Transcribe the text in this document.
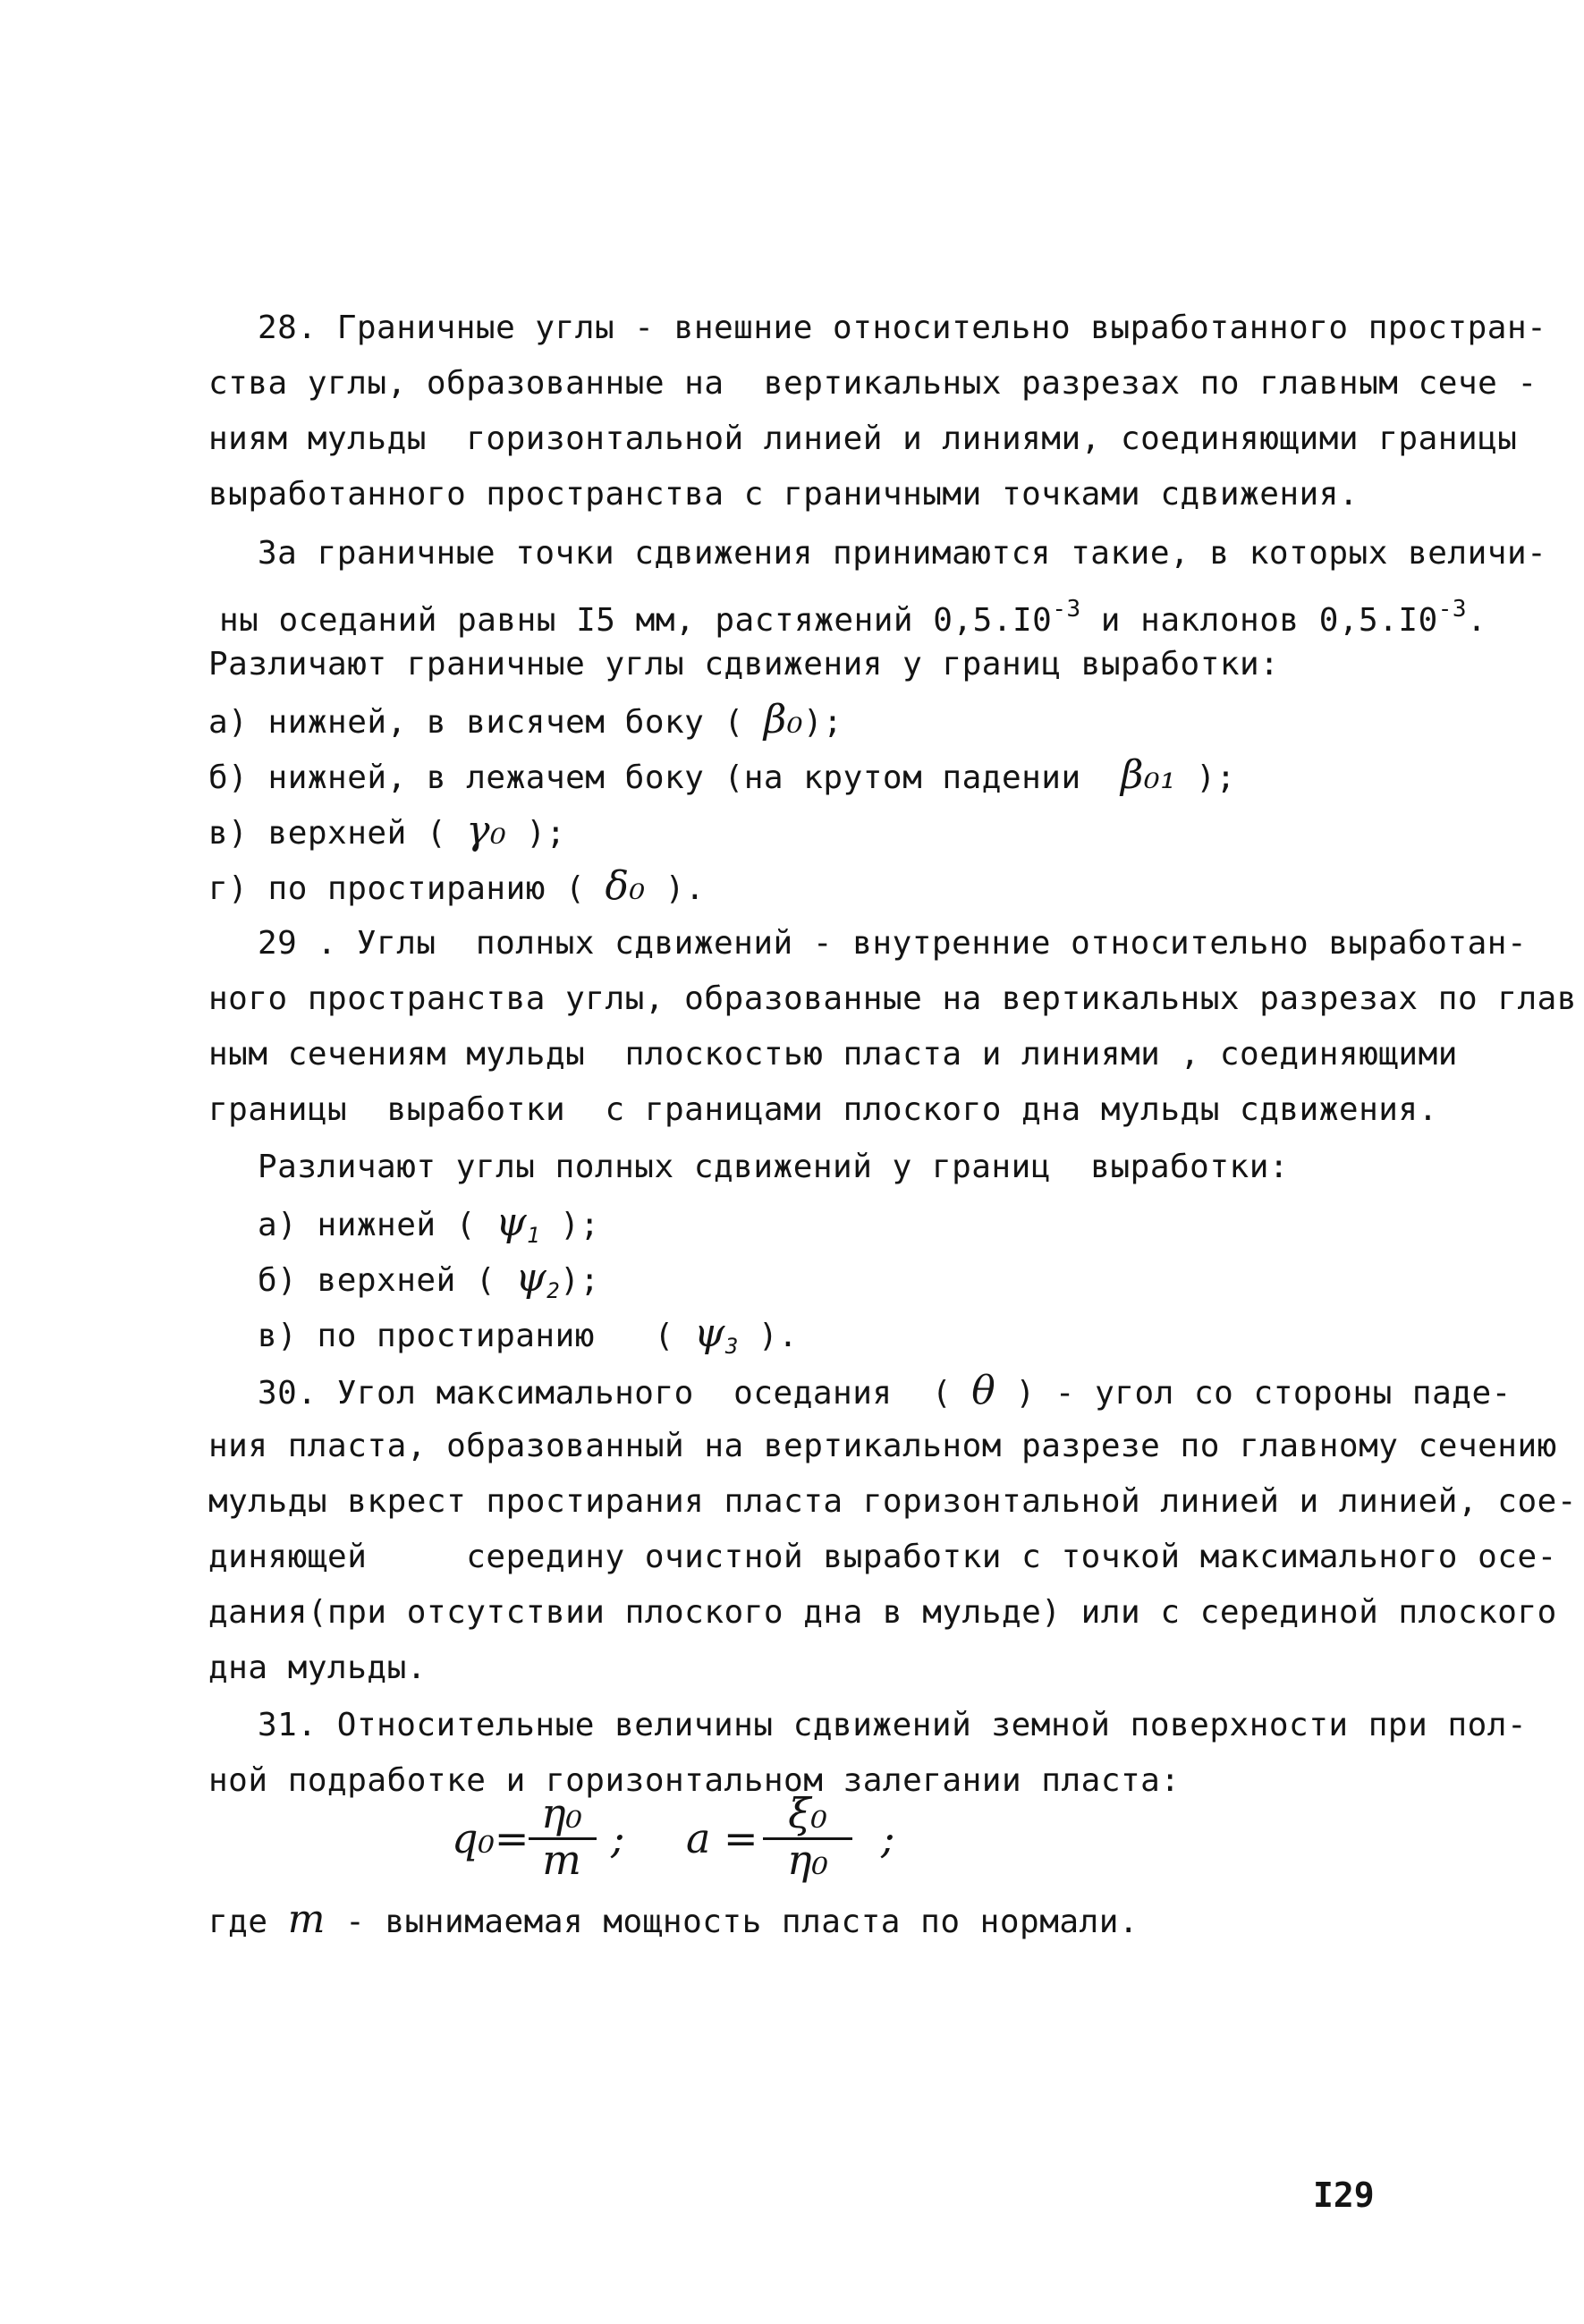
28. Граничные углы - внешние относительно выработанного простран-
ства углы, образованные на  вертикальных разрезах по главным сече -
ниям мульды  горизонтальной линией и линиями, соединяющими границы
выработанного пространства с граничными точками сдвижения.
За граничные точки сдвижения принимаются такие, в которых величи-
ны оседаний равны I5 мм, растяжений $0,5.I0^{-3}$ и наклонов $0,5.I0^{-3}$.
Различают граничные углы сдвижения у границ выработки:
а) нижней, в висячем боку ( β₀);
б) нижней, в лежачем боку (на крутом падении  β₀₁ );
в) верхней ( γ₀ );
г) по простиранию ( δ₀ ).
29 . Углы  полных сдвижений - внутренние относительно выработан-
ного пространства углы, образованные на вертикальных разрезах по глав
ным сечениям мульды  плоскостью пласта и линиями , соединяющими
границы  выработки  с границами плоского дна мульды сдвижения.
Различают углы полных сдвижений у границ  выработки:
а) нижней ( $\psi_1$ );
б) верхней ( $\psi_2$);
в) по простиранию   ( $\psi_3$ ).
30. Угол максимального  оседания  ( θ ) - угол со стороны паде-
ния пласта, образованный на вертикальном разрезе по главному сечению
мульды вкрест простирания пласта горизонтальной линией и линией, сое-
диняющей     середину очистной выработки с точкой максимального осе-
дания(при отсутствии плоского дна в мульде) или с серединой плоского
дна мульды.
31. Относительные величины сдвижений земной поверхности при пол-
ной подработке и горизонтальном залегании пласта:
q₀=
η₀
m ; a =
ξ₀
η₀	;
где m - вынимаемая мощность пласта по нормали.
I29
